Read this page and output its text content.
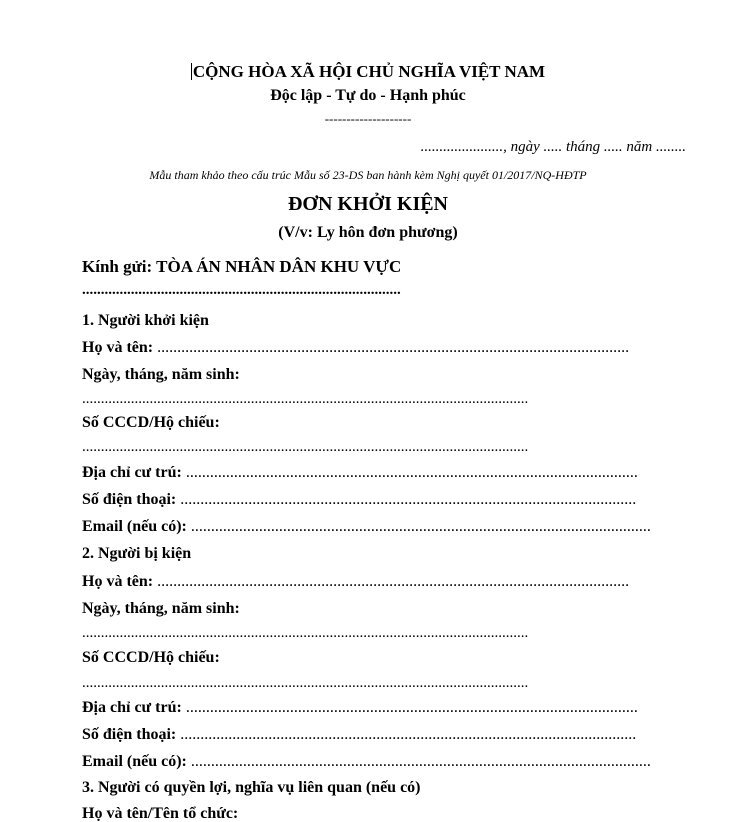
CỘNG HÒA XÃ HỘI CHỦ NGHĨA VIỆT NAM
Độc lập - Tự do - Hạnh phúc
--------------------
......................, ngày ..... tháng ..... năm ........
Mẫu tham khảo theo cấu trúc Mẫu số 23-DS ban hành kèm Nghị quyết 01/2017/NQ-HĐTP
ĐƠN KHỞI KIỆN
(V/v: Ly hôn đơn phương)
Kính gửi: TÒA ÁN NHÂN DÂN KHU VỰC
.....................................................................................
1. Người khởi kiện
Họ và tên: ......................................................................................................................
Ngày, tháng, năm sinh:
.......................................................................................................................
Số CCCD/Hộ chiếu:
.......................................................................................................................
Địa chỉ cư trú: .................................................................................................................
Số điện thoại: ..................................................................................................................
Email (nếu có): ...................................................................................................................
2. Người bị kiện
Họ và tên: ......................................................................................................................
Ngày, tháng, năm sinh:
.......................................................................................................................
Số CCCD/Hộ chiếu:
.......................................................................................................................
Địa chỉ cư trú: .................................................................................................................
Số điện thoại: ..................................................................................................................
Email (nếu có): ...................................................................................................................
3. Người có quyền lợi, nghĩa vụ liên quan (nếu có)
Họ và tên/Tên tổ chức:
